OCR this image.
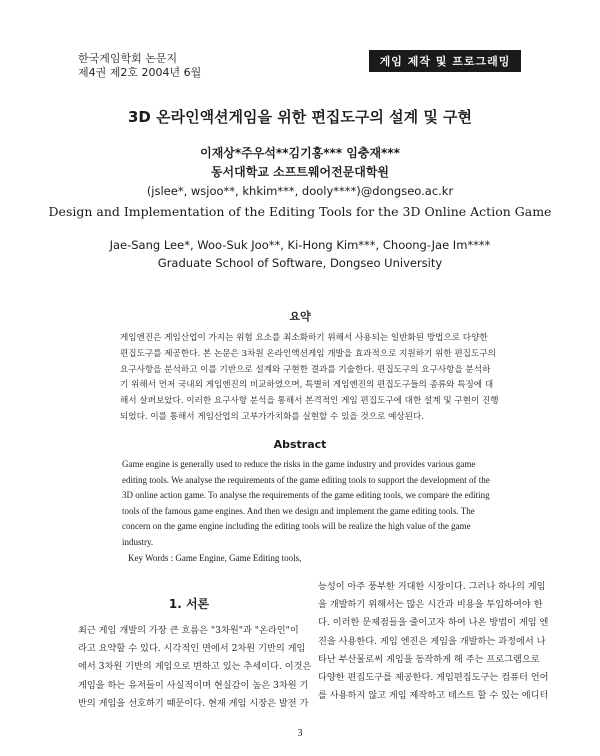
한국게임학회 논문지
제4권 제2호 2004년 6월
게임 제작 및 프로그래밍
3D 온라인액션게임을 위한 편집도구의 설계 및 구현
이재상*주우석**김기홍*** 임충재***
동서대학교 소프트웨어전문대학원
(jslee*, wsjoo**, khkim***, dooly****)@dongseo.ac.kr
Design and Implementation of the Editing Tools for the 3D Online Action Game
Jae-Sang Lee*, Woo-Suk Joo**, Ki-Hong Kim***, Choong-Jae Im****
Graduate School of Software, Dongseo University
요약
게임엔진은 게임산업이 가지는 위험 요소를 최소화하기 위해서 사용되는 일반화된 방법으로 다양한
편집도구를 제공한다. 본 논문은 3차원 온라인액션게임 개발을 효과적으로 지원하기 위한 편집도구의
요구사항을 분석하고 이를 기반으로 설계와 구현한 결과를 기술한다. 편집도구의 요구사항을 분석하
기 위해서 먼저 국내외 게임엔진의 비교하였으며, 특별히 게임엔진의 편집도구들의 종류와 특징에 대
해서 살펴보았다. 이러한 요구사항 분석을 통해서 본격적인 게임 편집도구에 대한 설계 및 구현이 진행
되었다. 이를 통해서 게임산업의 고부가가치화를 실현할 수 있을 것으로 예상된다.
Abstract
Game engine is generally used to reduce the risks in the game industry and provides various game
editing tools. We analyse the requirements of the game editing tools to support the development of the
3D online action game. To analyse the requirements of the game editing tools, we compare the editing
tools of the famous game engines. And then we design and implement the game editing tools. The
concern on the game engine including the editing tools will be realize the high value of the game
industry.
Key Words : Game Engine, Game Editing tools,
1. 서론
최근 게임 개발의 가장 큰 흐름은 "3차원"과 "온라인"이
라고 요약할 수 있다. 시각적인 면에서 2차원 기반의 게임
에서 3차원 기반의 게임으로 변하고 있는 추세이다. 이것은
게임을 하는 유저들이 사실적이며 현실감이 높은 3차원 기
반의 게임을 선호하기 때문이다. 현재 게임 시장은 발전 가
능성이 아주 풍부한 거대한 시장이다. 그러나 하나의 게임
을 개발하기 위해서는 많은 시간과 비용을 투입하여야 한
다. 이러한 문제점들을 줄이고자 하여 나온 방법이 게임 엔
진을 사용한다. 게임 엔진은 게임을 개발하는 과정에서 나
타난 부산물로써 게임을 동작하게 해 주는 프로그램으로
다양한 편집도구를 제공한다. 게임편집도구는 컴퓨터 언어
를 사용하지 않고 게임 제작하고 테스트 할 수 있는 에디터
3
